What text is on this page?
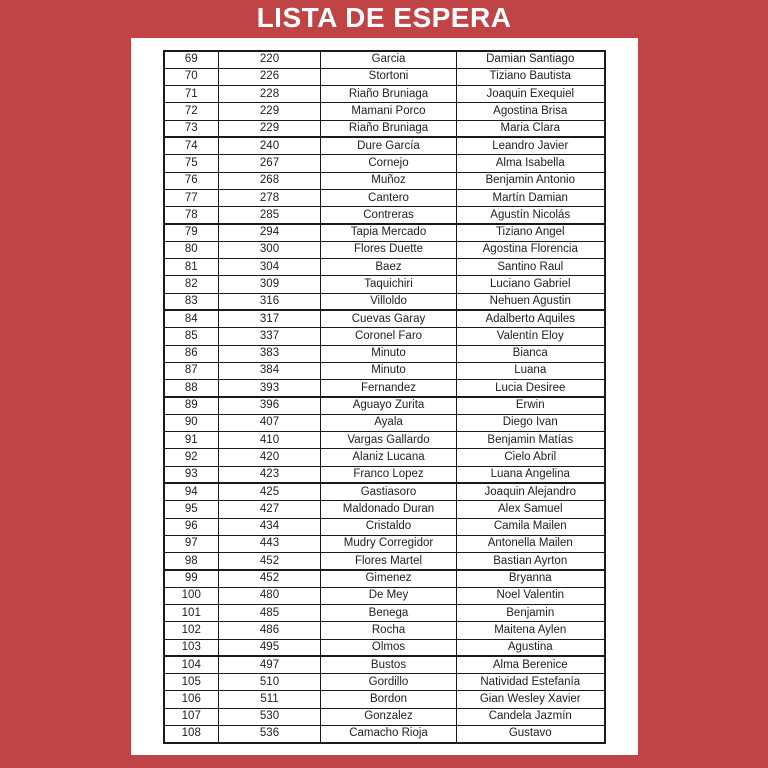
LISTA DE ESPERA
69	220	Garcia	Damian Santiago
70	226	Stortoni	Tiziano Bautista
71	228	Riaño Bruniaga	Joaquin Exequiel
72	229	Mamani Porco	Agostina Brisa
73	229	Riaño Bruniaga	Maria Clara
74	240	Dure García	Leandro Javier
75	267	Cornejo	Alma Isabella
76	268	Muñoz	Benjamin Antonio
77	278	Cantero	Martín Damian
78	285	Contreras	Agustín Nicolás
79	294	Tapia Mercado	Tiziano Angel
80	300	Flores Duette	Agostina Florencia
81	304	Baez	Santino Raul
82	309	Taquichiri	Luciano Gabriel
83	316	Villoldo	Nehuen Agustin
84	317	Cuevas Garay	Adalberto Aquiles
85	337	Coronel Faro	Valentín Eloy
86	383	Minuto	Bianca
87	384	Minuto	Luana
88	393	Fernandez	Lucia Desiree
89	396	Aguayo Zurita	Erwin
90	407	Ayala	Diego Ivan
91	410	Vargas Gallardo	Benjamin Matías
92	420	Alaniz Lucana	Cielo Abril
93	423	Franco Lopez	Luana Angelina
94	425	Gastiasoro	Joaquin Alejandro
95	427	Maldonado Duran	Alex Samuel
96	434	Cristaldo	Camila Mailen
97	443	Mudry Corregidor	Antonella Mailen
98	452	Flores Martel	Bastian Ayrton
99	452	Gimenez	Bryanna
100	480	De Mey	Noel Valentin
101	485	Benega	Benjamin
102	486	Rocha	Maitena Aylen
103	495	Olmos	Agustina
104	497	Bustos	Alma Berenice
105	510	Gordillo	Natividad Estefanía
106	511	Bordon	Gian Wesley Xavier
107	530	Gonzalez	Candela Jazmín
108	536	Camacho Rioja	Gustavo
